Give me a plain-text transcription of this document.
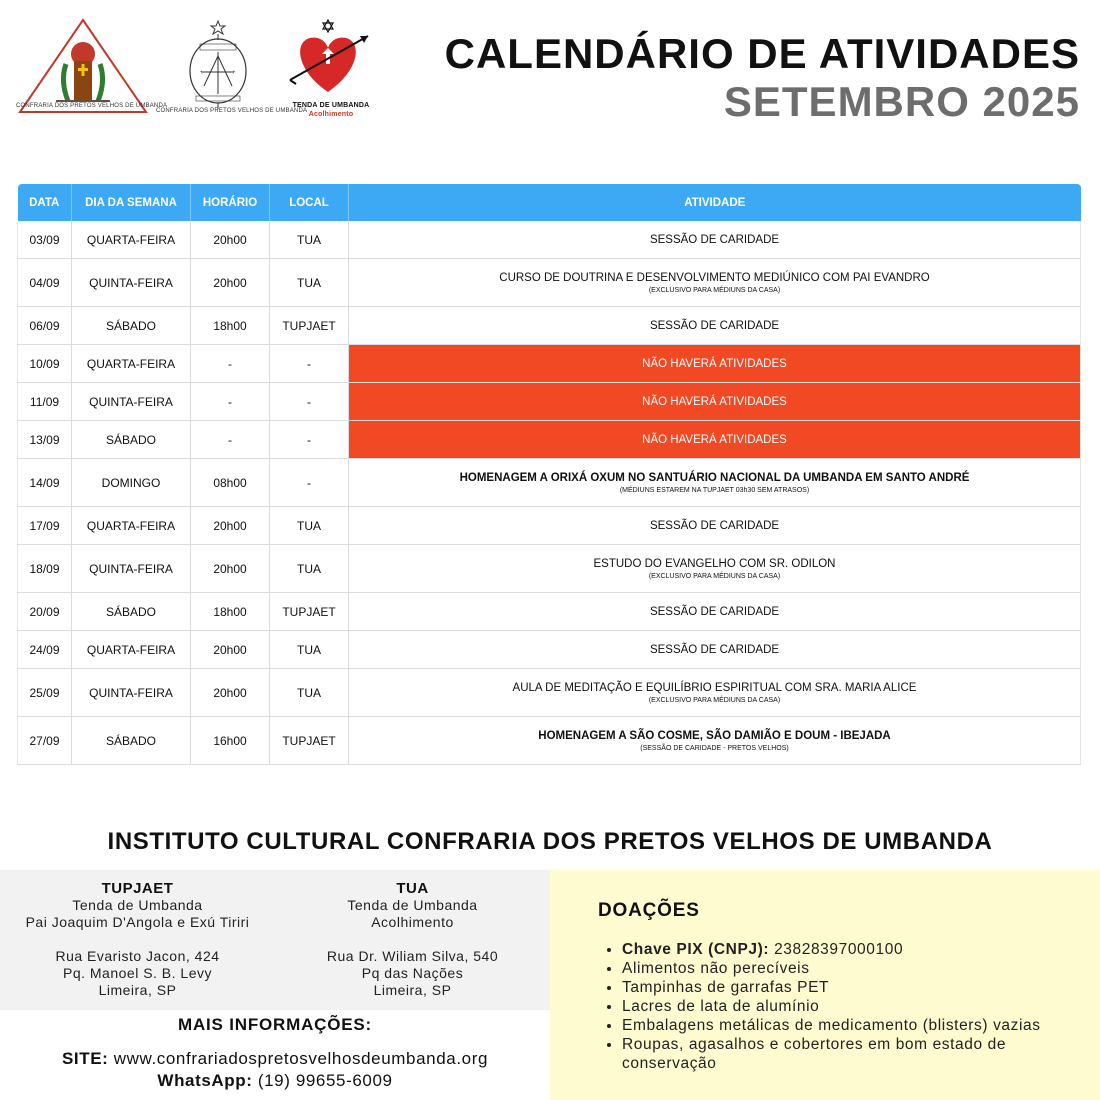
CONFRARIA DOS PRETOS VELHOS DE UMBANDA
+	+
CONFRARIA DOS PRETOS VELHOS DE UMBANDA
TENDA DE UMBANDA
Acolhimento
CALENDÁRIO DE ATIVIDADES
SETEMBRO 2025
DATA	DIA DA SEMANA	HORÁRIO	LOCAL	ATIVIDADE
03/09	QUARTA-FEIRA	20h00	TUA	SESSÃO DE CARIDADE

04/09	QUINTA-FEIRA	20h00	TUA	CURSO DE DOUTRINA E DESENVOLVIMENTO MEDIÚNICO COM PAI EVANDRO
(EXCLUSIVO PARA MÉDIUNS DA CASA)

06/09	SÁBADO	18h00	TUPJAET	SESSÃO DE CARIDADE

10/09	QUARTA-FEIRA	-	-	NÃO HAVERÁ ATIVIDADES

11/09	QUINTA-FEIRA	-	-	NÃO HAVERÁ ATIVIDADES

13/09	SÁBADO	-	-	NÃO HAVERÁ ATIVIDADES

14/09	DOMINGO	08h00	-	HOMENAGEM A ORIXÁ OXUM NO SANTUÁRIO NACIONAL DA UMBANDA EM SANTO ANDRÉ
(MÉDIUNS ESTAREM NA TUPJAET 03h30 SEM ATRASOS)

17/09	QUARTA-FEIRA	20h00	TUA	SESSÃO DE CARIDADE

18/09	QUINTA-FEIRA	20h00	TUA	ESTUDO DO EVANGELHO COM SR. ODILON
(EXCLUSIVO PARA MÉDIUNS DA CASA)

20/09	SÁBADO	18h00	TUPJAET	SESSÃO DE CARIDADE

24/09	QUARTA-FEIRA	20h00	TUA	SESSÃO DE CARIDADE

25/09	QUINTA-FEIRA	20h00	TUA	AULA DE MEDITAÇÃO E EQUILÍBRIO ESPIRITUAL COM SRA. MARIA ALICE
(EXCLUSIVO PARA MÉDIUNS DA CASA)

27/09	SÁBADO	16h00	TUPJAET	HOMENAGEM A SÃO COSME, SÃO DAMIÃO E DOUM - IBEJADA
(SESSÃO DE CARIDADE - PRETOS VELHOS)
INSTITUTO CULTURAL CONFRARIA DOS PRETOS VELHOS DE UMBANDA
TUPJAET
Tenda de Umbanda
Pai Joaquim D'Angola e Exú Tiriri
Rua Evaristo Jacon, 424
Pq. Manoel S. B. Levy
Limeira, SP
TUA
Tenda de Umbanda
Acolhimento
Rua Dr. Wiliam Silva, 540
Pq das Nações
Limeira, SP
MAIS INFORMAÇÕES:
SITE: www.confrariadospretosvelhosdeumbanda.org
WhatsApp: (19) 99655-6009
DOAÇÕES
• Chave PIX (CNPJ): 23828397000100
• Alimentos não perecíveis
• Tampinhas de garrafas PET
• Lacres de lata de alumínio
• Embalagens metálicas de medicamento (blisters) vazias
• Roupas, agasalhos e cobertores em bom estado de conservação
